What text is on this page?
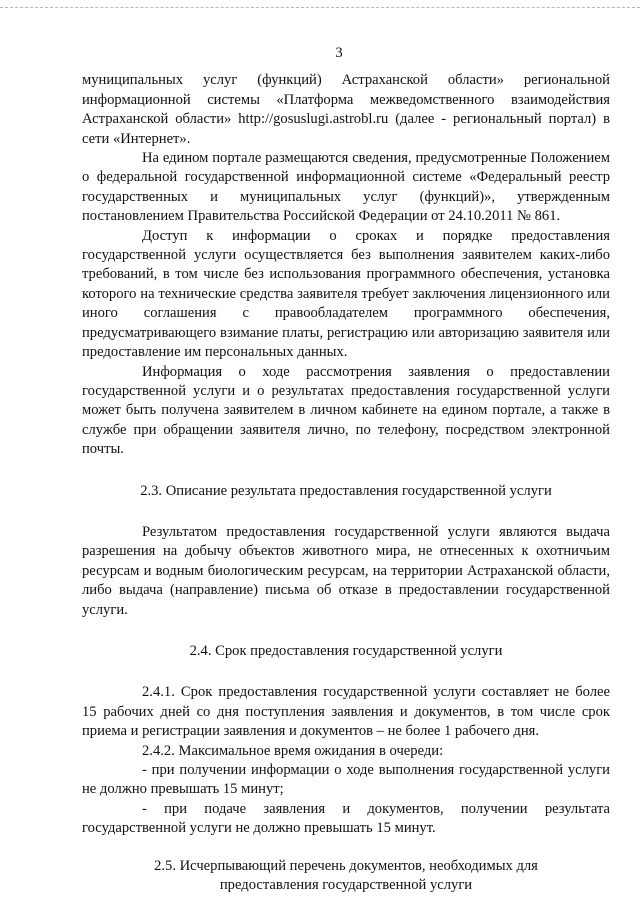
3

муниципальных услуг (функций) Астраханской области» региональной информационной системы «Платформа межведомственного взаимодействия Астраханской области» http://gosuslugi.astrobl.ru (далее - региональный портал) в сети «Интернет».

На едином портале размещаются сведения, предусмотренные Положением о федеральной государственной информационной системе «Федеральный реестр государственных и муниципальных услуг (функций)», утвержденным постановлением Правительства Российской Федерации от 24.10.2011 № 861.

Доступ к информации о сроках и порядке предоставления государственной услуги осуществляется без выполнения заявителем каких-либо требований, в том числе без использования программного обеспечения, установка которого на технические средства заявителя требует заключения лицензионного или иного соглашения с правообладателем программного обеспечения, предусматривающего взимание платы, регистрацию или авторизацию заявителя или предоставление им персональных данных.

Информация о ходе рассмотрения заявления о предоставлении государственной услуги и о результатах предоставления государственной услуги может быть получена заявителем в личном кабинете на едином портале, а также в службе при обращении заявителя лично, по телефону, посредством электронной почты.

2.3. Описание результата предоставления государственной услуги

Результатом предоставления государственной услуги являются выдача разрешения на добычу объектов животного мира, не отнесенных к охотничьим ресурсам и водным биологическим ресурсам, на территории Астраханской области, либо выдача (направление) письма об отказе в предоставлении государственной услуги.

2.4. Срок предоставления государственной услуги

2.4.1. Срок предоставления государственной услуги составляет не более 15 рабочих дней со дня поступления заявления и документов, в том числе срок приема и регистрации заявления и документов – не более 1 рабочего дня.

2.4.2. Максимальное время ожидания в очереди:

- при получении информации о ходе выполнения государственной услуги не должно превышать 15 минут;

- при подаче заявления и документов, получении результата государственной услуги не должно превышать 15 минут.

2.5. Исчерпывающий перечень документов, необходимых для
предоставления государственной услуги
